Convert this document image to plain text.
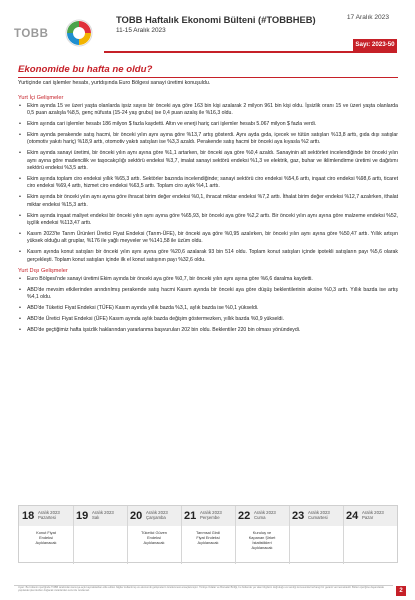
TOBB
TOBB Haftalık Ekonomi Bülteni (#TOBBHEB)
11-15 Aralık 2023
17 Aralık 2023
Sayı: 2023-50
Ekonomide bu hafta ne oldu?
Yurtiçinde cari işlemler hesabı, yurtdışında Euro Bölgesi sanayi üretimi konuşuldu.
Yurt İçi Gelişmeler
• Ekim ayında 15 ve üzeri yaşta olanlarda işsiz sayısı bir önceki aya göre 163 bin kişi azalarak 2 milyon 961 bin kişi oldu. İşsizlik oranı 15 ve üzeri yaşta olanlarda 0,5 puan azalışla %8,5, genç nüfusta (15-24 yaş grubu) ise 0,4 puan azalış ile %16,3 oldu.
• Ekim ayında cari işlemler hesabı 186 milyon $ fazla kaydetti. Altın ve enerji hariç cari işlemler hesabı 5.067 milyon $ fazla verdi.
• Ekim ayında perakende satış hacmi, bir önceki yılın aynı ayına göre %13,7 artış gösterdi. Aynı ayda gıda, içecek ve tütün satışları %13,8 arttı, gıda dışı satışlar (otomotiv yakıtı hariç) %18,9 arttı, otomotiv yakıtı satışları ise %3,3 azaldı. Perakende satış hacmi bir önceki aya kıyasla %2 arttı.
• Ekim ayında sanayi üretimi, bir önceki yılın aynı ayına göre %1,1 artarken, bir önceki aya göre %0,4 azaldı. Sanayinin alt sektörleri incelendiğinde bir önceki yılın aynı ayına göre madencilik ve taşocakçılığı sektörü endeksi %3,7, imalat sanayi sektörü endeksi %1,3 ve elektrik, gaz, buhar ve iklimlendirme üretimi ve dağıtımı sektörü endeksi %3,5 arttı.
• Ekim ayında toplam ciro endeksi yıllık %65,3 arttı. Sektörler bazında incelendiğinde; sanayi sektörü ciro endeksi %54,6 arttı, inşaat ciro endeksi %98,6 arttı, ticaret ciro endeksi %69,4 arttı, hizmet ciro endeksi %63,5 arttı. Toplam ciro aylık %4,1 arttı.
• Ekim ayında bir önceki yılın aynı ayına göre ihracat birim değer endeksi %0,1, ihracat miktar endeksi %7,2 arttı. İthalat birim değer endeksi %12,7 azalırken, ithalat miktar endeksi %15,3 arttı.
• Ekim ayında inşaat maliyet endeksi bir önceki yılın aynı ayına göre %65,93, bir önceki aya göre %2,2 arttı. Bir önceki yılın aynı ayına göre malzeme endeksi %52, işçilik endeksi %113,47 arttı.
• Kasım 2023'te Tarım Ürünleri Üretici Fiyat Endeksi (Tarım-ÜFE), bir önceki aya göre %0,95 azalırken, bir önceki yılın aynı ayına göre %50,47 arttı. Yıllık artışın yüksek olduğu alt gruplar, %176 ile yağlı meyveler ve %141,58 ile üzüm oldu.
• Kasım ayında konut satışları bir önceki yılın aynı ayına göre %20,6 azalarak 93 bin 514 oldu. Toplam konut satışları içinde ipotekli satışların payı %5,6 olarak gerçekleşti. Toplam konut satışları içinde ilk el konut satışının payı %32,6 oldu.
Yurt Dışı Gelişmeler
• Euro Bölgesi'nde sanayi üretimi Ekim ayında bir önceki aya göre %0,7, bir önceki yılın aynı ayına göre %6,6 daralma kaydetti.
• ABD'de mevsim etkilerinden arındırılmış perakende satış hacmi Kasım ayında bir önceki aya göre düşüş beklentilerinin aksine %0,3 arttı. Yıllık bazda ise artış %4,1 oldu.
• ABD'de Tüketici Fiyat Endeksi (TÜFE) Kasım ayında yıllık bazda %3,1, aylık bazda ise %0,1 yükseldi.
• ABD'de Üretici Fiyat Endeksi (ÜFE) Kasım ayında aylık bazda değişim göstermezken, yıllık bazda %0,9 yükseldi.
• ABD'de geçtiğimiz hafta işsizlik haklarından yararlanma başvuruları 202 bin oldu. Beklentiler 220 bin olması yönündeydi.
18 Aralık 2023
Pazartesi
Konut Fiyat
Endeksi
Açıklanacak
19 Aralık 2023
Salı	20 Aralık 2023
Çarşamba
Tüketici Güven
Endeksi
Açıklanacak
21 Aralık 2023
Perşembe
Tarımsal Girdi
Fiyat Endeksi
Açıklanacak
22 Aralık 2023
Cuma
Kuruluş ve
Kapanan Şirket
İstatistikleri
Açıklanacak
23 Aralık 2023
Cumartesi 24 Aralık 2023
Pazar
Uyarı: Bu bültenin içeriğinde TOBB tarafından kamuya açık kaynaklardan elde edilen bilgiler kullanılmış ve ekonomik gelişmelerin özetlenmesi amaçlanmıştır. Türkiye Odalar ve Borsalar Birliği, bu bültende yer alan bilgilerin doğruluğu ve tamlığı konusunda herhangi bir garanti vermemektedir. Bülten içeriğine dayanılarak yapılacak işlemlerden doğacak zararlardan sorumlu tutulamaz.	2
